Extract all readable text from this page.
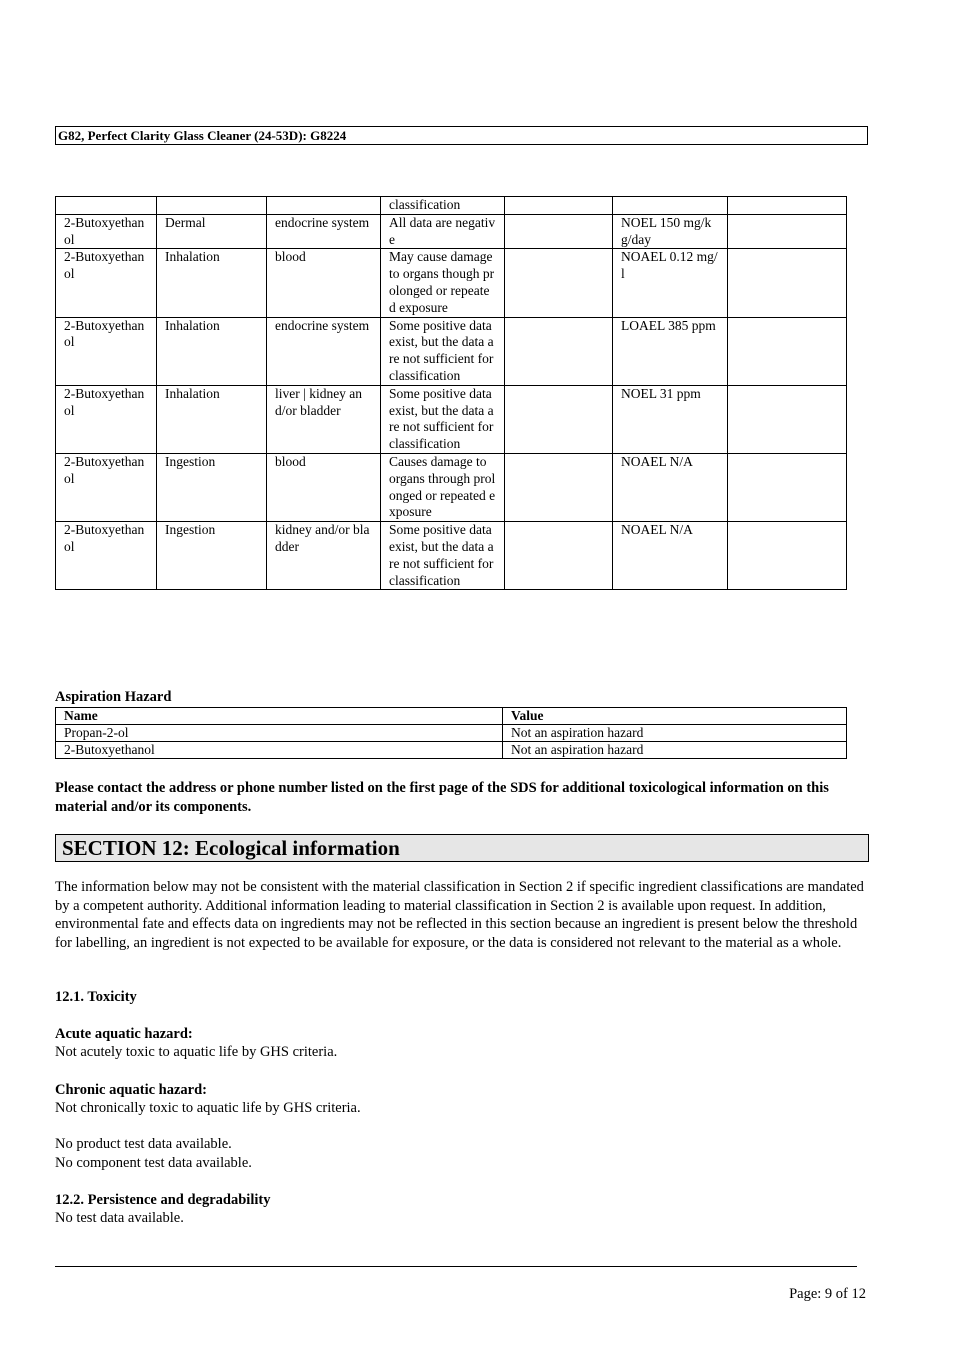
G82, Perfect Clarity Glass Cleaner (24-53D): G8224
			classification			
2-Butoxyethanol	Dermal	endocrine system	All data are negative		NOEL 150 mg/kg/day	
2-Butoxyethanol	Inhalation	blood	May cause damage to organs though prolonged or repeated exposure		NOAEL 0.12 mg/l	
2-Butoxyethanol	Inhalation	endocrine system	Some positive data exist, but the data are not sufficient for classification		LOAEL 385 ppm	
2-Butoxyethanol	Inhalation	liver | kidney and/or bladder	Some positive data exist, but the data are not sufficient for classification		NOEL 31 ppm	
2-Butoxyethanol	Ingestion	blood	Causes damage to organs through prolonged or repeated exposure		NOAEL N/A	
2-Butoxyethanol	Ingestion	kidney and/or bladder	Some positive data exist, but the data are not sufficient for classification		NOAEL N/A	
Aspiration Hazard
Name	Value
Propan-2-ol	Not an aspiration hazard
2-Butoxyethanol	Not an aspiration hazard
Please contact the address or phone number listed on the first page of the SDS for additional toxicological information on this material and/or its components.
SECTION 12: Ecological information
The information below may not be consistent with the material classification in Section 2 if specific ingredient classifications are mandated by a competent authority. Additional information leading to material classification in Section 2 is available upon request. In addition, environmental fate and effects data on ingredients may not be reflected in this section because an ingredient is present below the threshold for labelling, an ingredient is not expected to be available for exposure, or the data is considered not relevant to the material as a whole.
12.1. Toxicity
Acute aquatic hazard:
Not acutely toxic to aquatic life by GHS criteria.
Chronic aquatic hazard:
Not chronically toxic to aquatic life by GHS criteria.
No product test data available.
No component test data available.
12.2. Persistence and degradability
No test data available.
Page: 9 of 12
